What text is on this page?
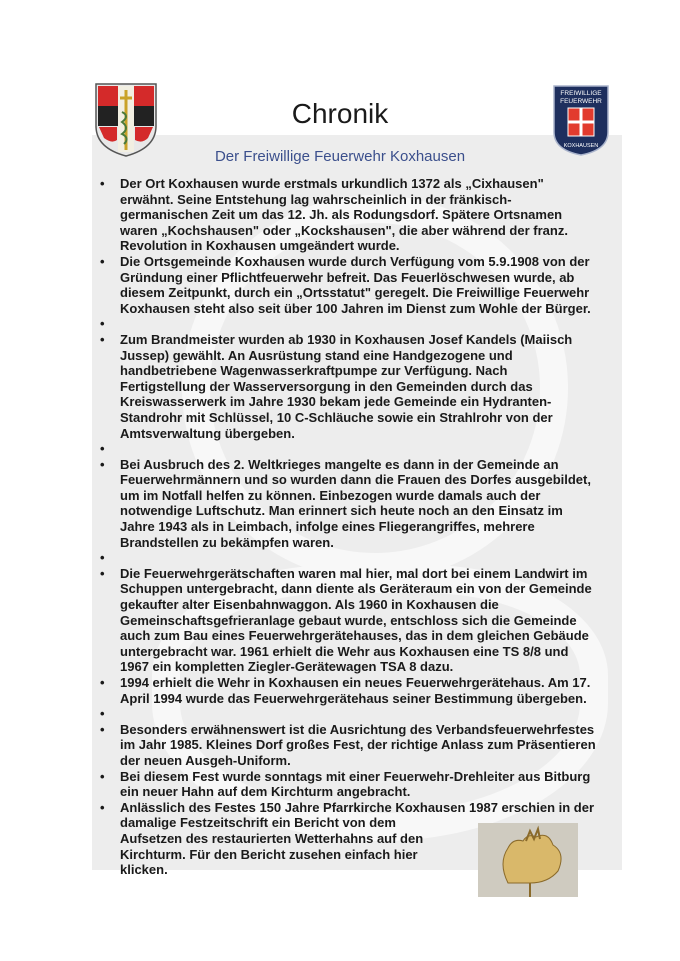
FREIWILLIGE
FEUERWEHR
KOXHAUSEN
Chronik
Der Freiwillige Feuerwehr Koxhausen
• Der Ort Koxhausen wurde erstmals urkundlich 1372 als „Cixhausen"
erwähnt. Seine Entstehung lag wahrscheinlich in der fränkisch-
germanischen Zeit um das 12. Jh. als Rodungsdorf. Spätere Ortsnamen
waren „Kochshausen" oder „Kockshausen", die aber während der franz.
Revolution in Koxhausen umgeändert wurde.
• Die Ortsgemeinde Koxhausen wurde durch Verfügung vom 5.9.1908 von der
Gründung einer Pflichtfeuerwehr befreit. Das Feuerlöschwesen wurde, ab
diesem Zeitpunkt, durch ein „Ortsstatut" geregelt. Die Freiwillige Feuerwehr
Koxhausen steht also seit über 100 Jahren im Dienst zum Wohle der Bürger.
•
• Zum Brandmeister wurden ab 1930 in Koxhausen Josef Kandels (Maiisch
Jussep) gewählt. An Ausrüstung stand eine Handgezogene und
handbetriebene Wagenwasserkraftpumpe zur Verfügung. Nach
Fertigstellung der Wasserversorgung in den Gemeinden durch das
Kreiswasserwerk im Jahre 1930 bekam jede Gemeinde ein Hydranten-
Standrohr mit Schlüssel, 10 C-Schläuche sowie ein Strahlrohr von der
Amtsverwaltung übergeben.
•
• Bei Ausbruch des 2. Weltkrieges mangelte es dann in der Gemeinde an
Feuerwehrmännern und so wurden dann die Frauen des Dorfes ausgebildet,
um im Notfall helfen zu können. Einbezogen wurde damals auch der
notwendige Luftschutz. Man erinnert sich heute noch an den Einsatz im
Jahre 1943 als in Leimbach, infolge eines Fliegerangriffes, mehrere
Brandstellen zu bekämpfen waren.
•
• Die Feuerwehrgerätschaften waren mal hier, mal dort bei einem Landwirt im
Schuppen untergebracht, dann diente als Geräteraum ein von der Gemeinde
gekaufter alter Eisenbahnwaggon. Als 1960 in Koxhausen die
Gemeinschaftsgefrieranlage gebaut wurde, entschloss sich die Gemeinde
auch zum Bau eines Feuerwehrgerätehauses, das in dem gleichen Gebäude
untergebracht war. 1961 erhielt die Wehr aus Koxhausen eine TS 8/8 und
1967 ein kompletten Ziegler-Gerätewagen TSA 8 dazu.
• 1994 erhielt die Wehr in Koxhausen ein neues Feuerwehrgerätehaus. Am 17.
April 1994 wurde das Feuerwehrgerätehaus seiner Bestimmung übergeben.
•
• Besonders erwähnenswert ist die Ausrichtung des Verbandsfeuerwehrfestes
im Jahr 1985. Kleines Dorf großes Fest, der richtige Anlass zum Präsentieren
der neuen Ausgeh-Uniform.
• Bei diesem Fest wurde sonntags mit einer Feuerwehr-Drehleiter aus Bitburg
ein neuer Hahn auf dem Kirchturm angebracht.
• Anlässlich des Festes 150 Jahre Pfarrkirche Koxhausen 1987 erschien in der
damalige Festzeitschrift ein Bericht von dem
Aufsetzen des restaurierten Wetterhahns auf den
Kirchturm. Für den Bericht zusehen einfach hier
klicken.
